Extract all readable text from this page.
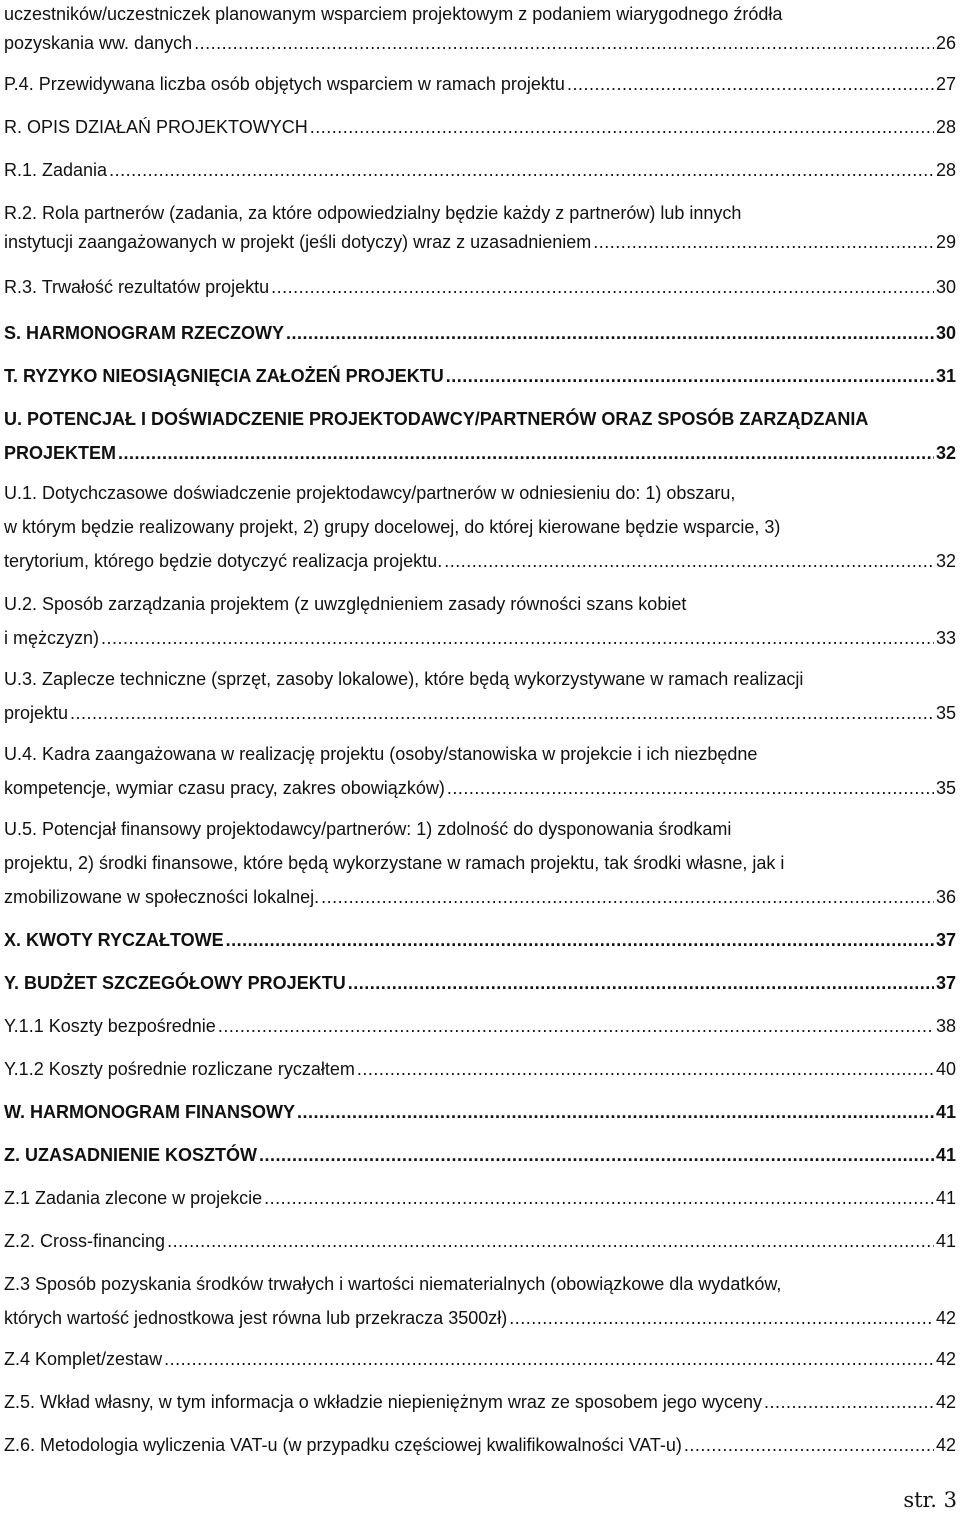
uczestników/uczestniczek planowanym wsparciem projektowym z podaniem wiarygodnego źródła
pozyskania ww. danych .....	26
P.4. Przewidywana liczba osób objętych wsparciem w ramach projektu .....	27
R. OPIS DZIAŁAŃ PROJEKTOWYCH .....	28
R.1. Zadania .....	28
R.2. Rola partnerów (zadania, za które odpowiedzialny będzie każdy z partnerów) lub innych
instytucji zaangażowanych w projekt (jeśli dotyczy) wraz z uzasadnieniem .....	29
R.3. Trwałość rezultatów projektu .....	30
S. HARMONOGRAM RZECZOWY .....	30
T. RYZYKO NIEOSIĄGNIĘCIA ZAŁOŻEŃ PROJEKTU .....	31
U. POTENCJAŁ I DOŚWIADCZENIE PROJEKTODAWCY/PARTNERÓW ORAZ SPOSÓB ZARZĄDZANIA
PROJEKTEM .....	32
U.1. Dotychczasowe doświadczenie projektodawcy/partnerów w odniesieniu do: 1) obszaru,
w którym będzie realizowany projekt, 2) grupy docelowej, do której kierowane będzie wsparcie, 3)
terytorium, którego będzie dotyczyć realizacja projektu. .....	32
U.2. Sposób zarządzania projektem (z uwzględnieniem zasady równości szans kobiet
i mężczyzn) .....	33
U.3. Zaplecze techniczne (sprzęt, zasoby lokalowe), które będą wykorzystywane w ramach realizacji
projektu .....	35
U.4. Kadra zaangażowana w realizację projektu (osoby/stanowiska w projekcie i ich niezbędne
kompetencje, wymiar czasu pracy, zakres obowiązków) .....	35
U.5. Potencjał finansowy projektodawcy/partnerów: 1) zdolność do dysponowania środkami
projektu, 2) środki finansowe, które będą wykorzystane w ramach projektu, tak środki własne, jak i
zmobilizowane w społeczności lokalnej. .....	36
X. KWOTY RYCZAŁTOWE .....	37
Y. BUDŻET SZCZEGÓŁOWY PROJEKTU .....	37
Y.1.1 Koszty bezpośrednie .....	38
Y.1.2 Koszty pośrednie rozliczane ryczałtem .....	40
W. HARMONOGRAM FINANSOWY .....	41
Z. UZASADNIENIE KOSZTÓW .....	41
Z.1 Zadania zlecone w projekcie .....	41
Z.2. Cross-financing .....	41
Z.3 Sposób pozyskania środków trwałych i wartości niematerialnych (obowiązkowe dla wydatków,
których wartość jednostkowa jest równa lub przekracza 3500zł) .....	42
Z.4 Komplet/zestaw .....	42
Z.5. Wkład własny, w tym informacja o wkładzie niepieniężnym wraz ze sposobem jego wyceny .....	42
Z.6. Metodologia wyliczenia VAT-u (w przypadku częściowej kwalifikowalności VAT-u) .....	42
str. 3
